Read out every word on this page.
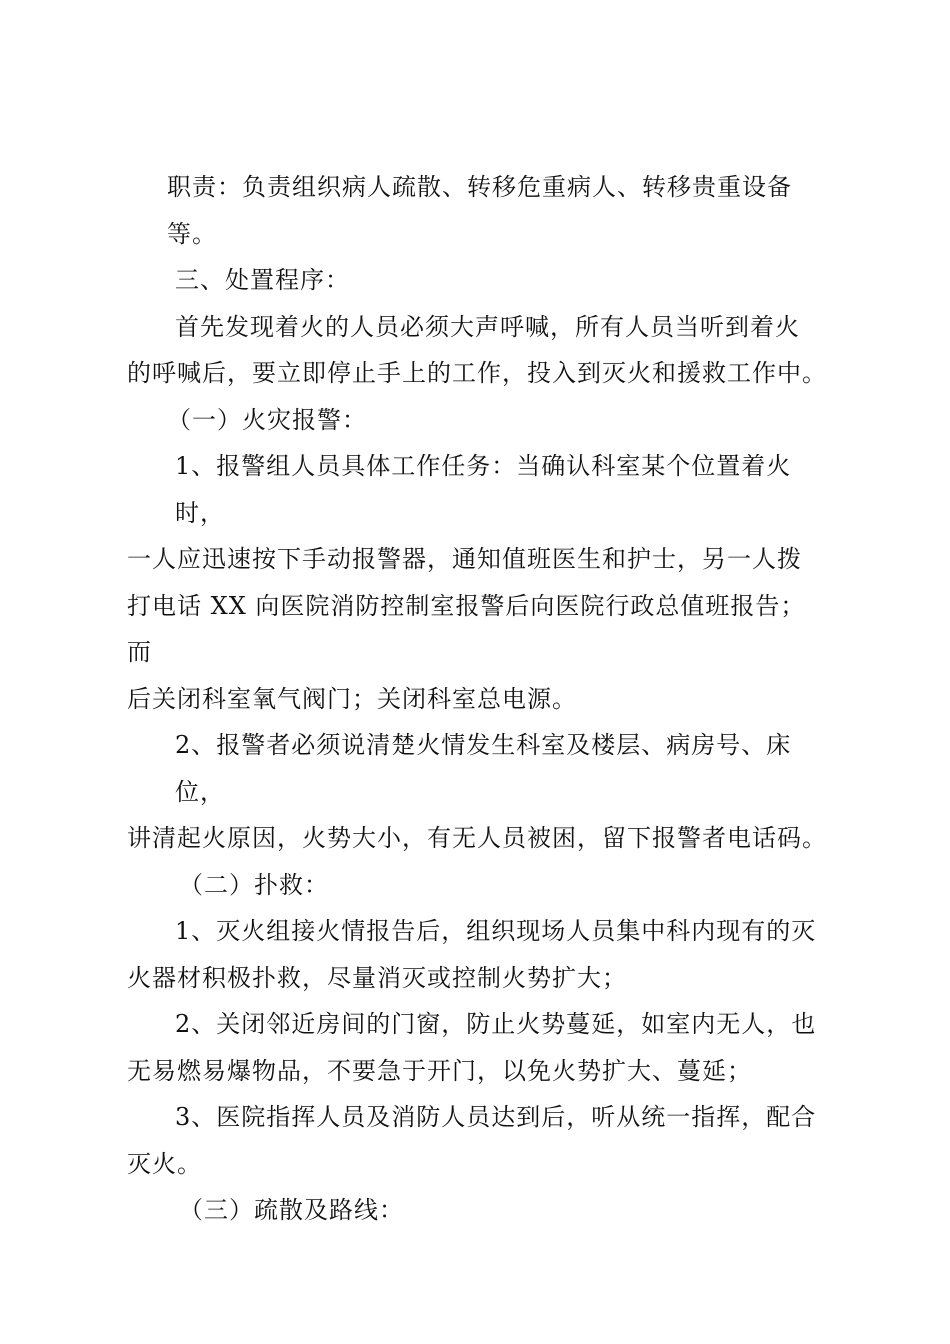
职责：负责组织病人疏散、转移危重病人、转移贵重设备等。
三、处置程序：
首先发现着火的人员必须大声呼喊，所有人员当听到着火
的呼喊后，要立即停止手上的工作，投入到灭火和援救工作中。
（一）火灾报警：
1、报警组人员具体工作任务：当确认科室某个位置着火时，
一人应迅速按下手动报警器，通知值班医生和护士，另一人拨
打电话 XX 向医院消防控制室报警后向医院行政总值班报告；而
后关闭科室氧气阀门；关闭科室总电源。
2、报警者必须说清楚火情发生科室及楼层、病房号、床位，
讲清起火原因，火势大小，有无人员被困，留下报警者电话码。
（二）扑救：
1、灭火组接火情报告后，组织现场人员集中科内现有的灭
火器材积极扑救，尽量消灭或控制火势扩大；
2、关闭邻近房间的门窗，防止火势蔓延，如室内无人，也
无易燃易爆物品，不要急于开门，以免火势扩大、蔓延；
3、医院指挥人员及消防人员达到后，听从统一指挥，配合
灭火。
（三）疏散及路线：
